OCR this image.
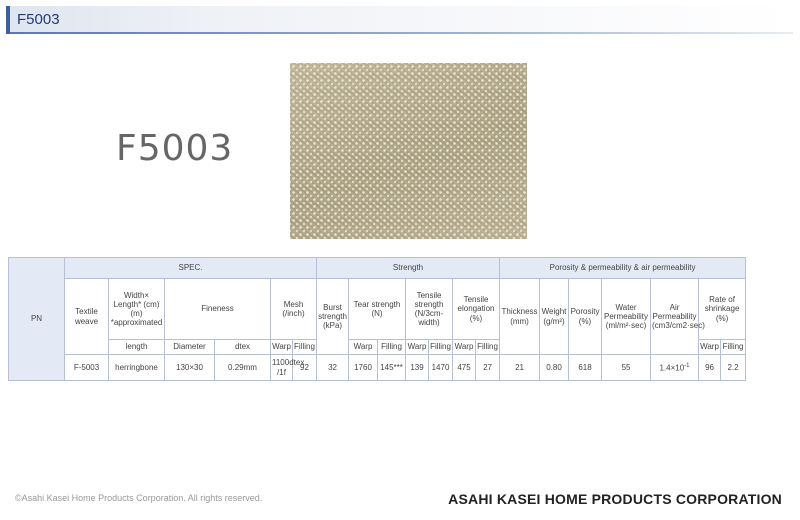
F5003
F5003
PN	SPEC.						Strength							Porosity & permeability & air permeability							
	Textile weave	Width× Length* (cm) (m) *approximated	Fineness		Mesh (/inch)		Burst strength (kPa)	Tear strength (N)		Tensile strength (N/3cm-width)		Tensile elongation (%)		Thickness (mm)	Weight (g/m²)	Porosity (%)	Water Permeability (ml/m²·sec)	Air Permeability (cm3/cm2·sec)	Rate of shrinkage (%)		
		length	Diameter	dtex	Warp	Filling		Warp	Filling	Warp	Filling	Warp	Filling						Warp	Filling	
	F-5003	herringbone	130×30	0.29mm	1100dtex /1f	92	32	1760	145***	139	1470	475	27	21	0.80	618	55	$1.4\times 10^{-1}$	96	2.2	
©Asahi Kasei Home Products Corporation. All rights reserved.	ASAHI KASEI HOME PRODUCTS CORPORATION
